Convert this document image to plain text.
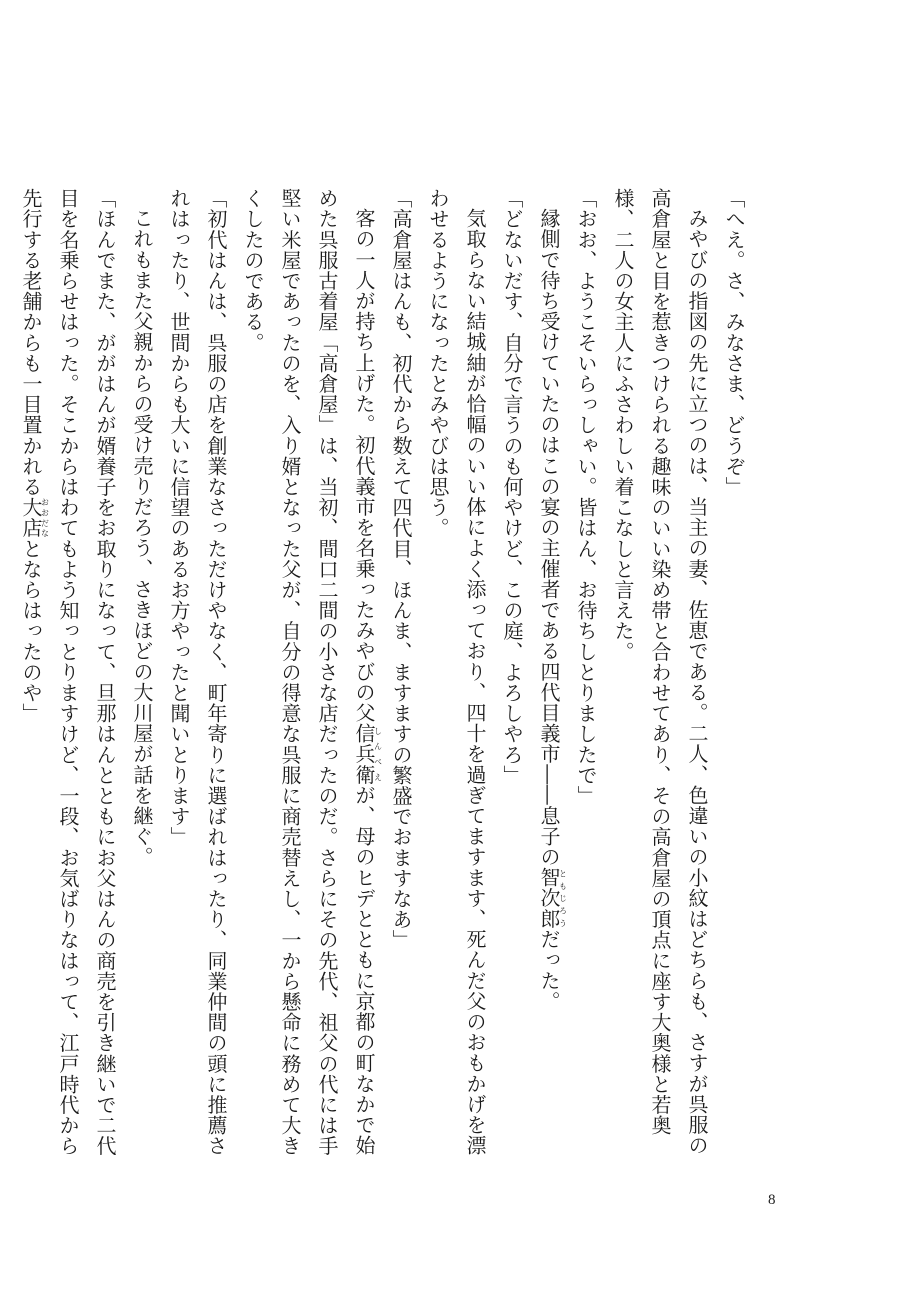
「へえ。さ、みなさま、どうぞ」

みやびの指図の先に立つのは、当主の妻、佐恵である。二人、色違いの小紋はどちらも、さすが呉服の高倉屋と目を惹きつけられる趣味のいい染め帯と合わせてあり、その高倉屋の頂点に座す大奥様と若奥様、二人の女主人にふさわしい着こなしと言えた。

「おお、ようこそいらっしゃい。皆はん、お待ちしとりましたで」

縁側で待ち受けていたのはこの宴の主催者である四代目義市――息子の智次郎ともじろうだった。

「どないだす、自分で言うのも何やけど、この庭、よろしやろ」

気取らない結城紬が恰幅のいい体によく添っており、四十を過ぎてますます、死んだ父のおもかげを漂わせるようになったとみやびは思う。

「高倉屋はんも、初代から数えて四代目、ほんま、ますますの繁盛でおますなあ」

客の一人が持ち上げた。初代義市を名乗ったみやびの父信兵衛しんべえが、母のヒデとともに京都の町なかで始めた呉服古着屋「高倉屋」は、当初、間口二間の小さな店だったのだ。さらにその先代、祖父の代には手堅い米屋であったのを、入り婿となった父が、自分の得意な呉服に商売替えし、一から懸命に務めて大きくしたのである。

「初代はんは、呉服の店を創業なさっただけやなく、町年寄りに選ばれはったり、同業仲間の頭に推薦されはったり、世間からも大いに信望のあるお方やったと聞いとります」

これもまた父親からの受け売りだろう、さきほどの大川屋が話を継ぐ。

「ほんでまた、ががはんが婿養子をお取りになって、旦那はんとともにお父はんの商売を引き継いで二代目を名乗らせはった。そこからはわてもよう知っとりますけど、一段、お気ばりなはって、江戸時代から先行する老舗からも一目置かれる大店おおだなとならはったのや」

8
